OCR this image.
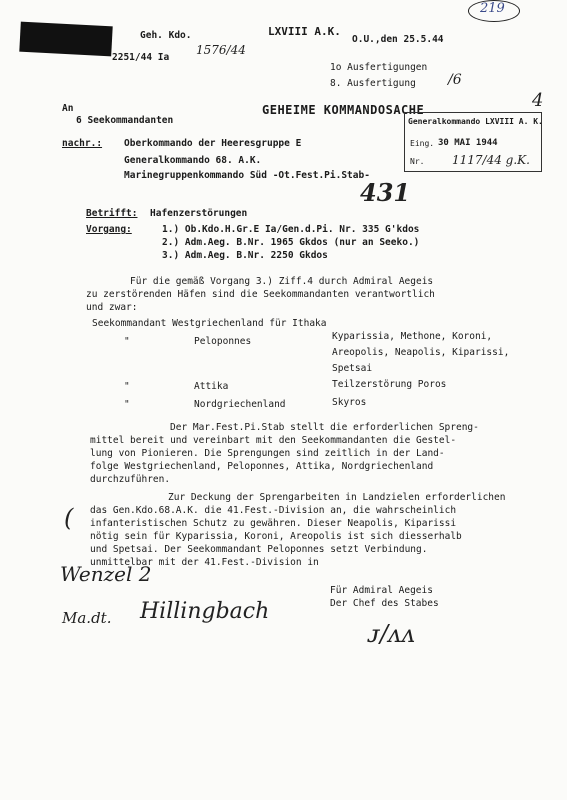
219
Geh. Kdo.
1576/44
2251/44 Ia
LXVIII A.K.
O.U.,den 25.5.44
1o Ausfertigungen
8. Ausfertigung /6
An
6 Seekommandanten
nachr.: Oberkommando der Heeresgruppe E
Generalkommando 68. A.K.
Marinegruppenkommando Süd -Ot.Fest.Pi.Stab-
GEHEIME KOMMANDOSACHE
Generalkommando LXVIII A. K.
Eing. 30 MAI 1944
Nr. 1117/44 g.K.
4
431
Betrifft: Hafenzerstörungen
Vorgang:	1.) Ob.Kdo.H.Gr.E Ia/Gen.d.Pi. Nr. 335 G'kdos
2.) Adm.Aeg. B.Nr. 1965 Gkdos (nur an Seeko.)
3.) Adm.Aeg. B.Nr. 2250 Gkdos
Für die gemäß Vorgang 3.) Ziff.4 durch Admiral Aegeis
zu zerstörenden Häfen sind die Seekommandanten verantwortlich
und zwar:
Seekommandant Westgriechenland für Ithaka
"	Peloponnes	Kyparissia, Methone, Koroni,
Areopolis, Neapolis, Kiparissi,
Spetsai
"	Attika	Teilzerstörung Poros
"	Nordgriechenland	Skyros
Der Mar.Fest.Pi.Stab stellt die erforderlichen Spreng-
mittel bereit und vereinbart mit den Seekommandanten die Gestel-
lung von Pionieren. Die Sprengungen sind zeitlich in der Land-
folge Westgriechenland, Peloponnes, Attika, Nordgriechenland
durchzuführen.
Zur Deckung der Sprengarbeiten in Landzielen erforderlichen
das Gen.Kdo.68.A.K. die 41.Fest.-Division an, die wahrscheinlich
infanteristischen Schutz zu gewähren. Dieser Neapolis, Kiparissi
nötig sein für Kyparissia, Koroni, Areopolis ist sich diesserhalb
und Spetsai. Der Seekommandant Peloponnes setzt Verbindung.
unmittelbar mit der 41.Fest.-Division in
(
Wenzel 2
Ma.dt. Hillingbach
Für Admiral Aegeis
Der Chef des Stabes
ᴊ/ᴧᴧ
